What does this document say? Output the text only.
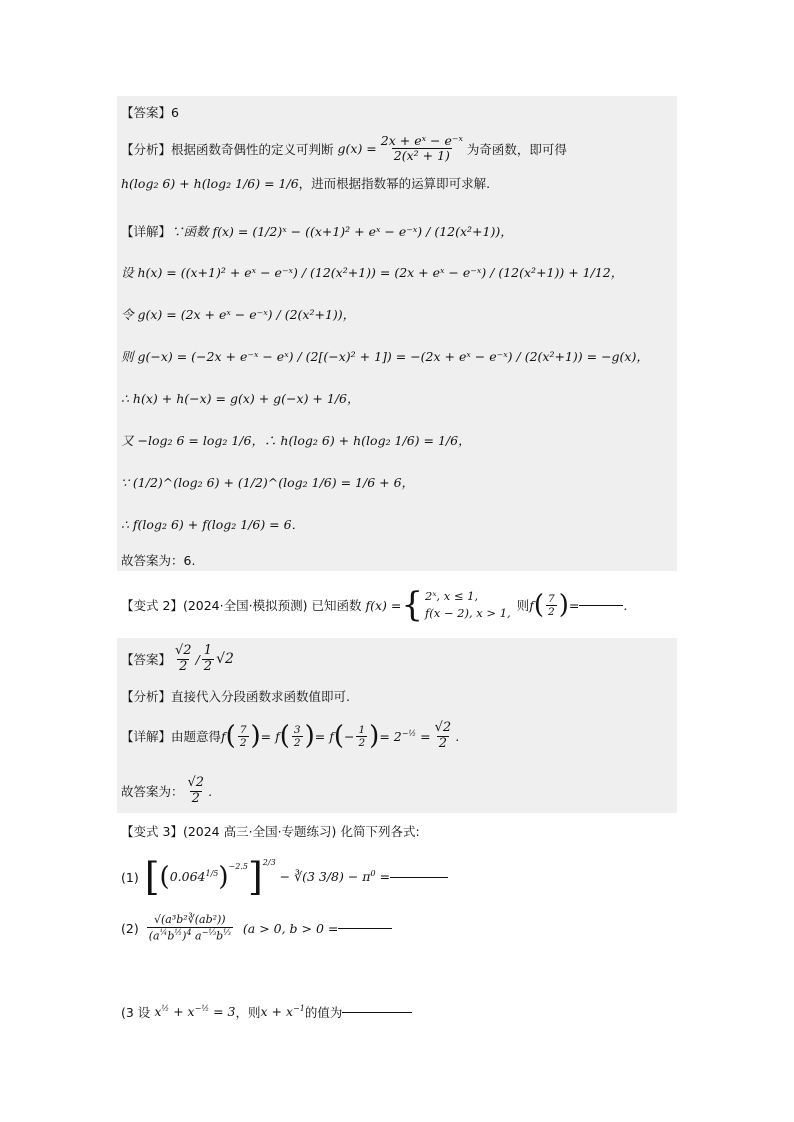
【答案】 6
【分析】 根据函数奇偶性的定义可判断 $g(x) = \frac{\text{2x + eˣ − e⁻ˣ}}{\text{2(x² + 1)}}$ 为奇函数，即可得
h(log₂ 6) + h(log₂ 1/6) = 1/6 ，进而根据指数幂的运算即可求解.
【详解】 ∵函数 f(x) = (1/2)ˣ − ((x+1)² + eˣ − e⁻ˣ) / (12(x²+1))，
设 h(x) = ((x+1)² + eˣ − e⁻ˣ) / (12(x²+1)) = (2x + eˣ − e⁻ˣ) / (12(x²+1)) + 1/12，
令 g(x) = (2x + eˣ − e⁻ˣ) / (2(x²+1))，
则 g(−x) = (−2x + e⁻ˣ − eˣ) / (2[(−x)² + 1]) = −(2x + eˣ − e⁻ˣ) / (2(x²+1)) = −g(x)，
∴ h(x) + h(−x) = g(x) + g(−x) + 1/6，
又 −log₂ 6 = log₂ 1/6，∴ h(log₂ 6) + h(log₂ 1/6) = 1/6，
∵ (1/2)^(log₂ 6) + (1/2)^(log₂ 1/6) = 1/6 + 6，
∴ f(log₂ 6) + f(log₂ 1/6) = 6．
故答案为：6.
【变式 2】 (2024·全国·模拟预测) 已知函数 f(x) = { 2ˣ, x ≤ 1,
f(x − 2), x > 1, 则 f ( $\frac{7}{2}$ ) =	.
【答案】 $\frac{√2}{2} / \frac{1}{2} √2$
【分析】 直接代入分段函数求函数值即可.
【详解】 由题意得 f ( $\frac{7}{2}$ ) = f ( $\frac{3}{2}$ ) = f ( − $\frac{1}{2}$ ) = $2^{-\frac{1}{2}} = \frac{√2}{2}$ .
故答案为： $\frac{√2}{2}$ .
【变式 3】 (2024 高三·全国·专题练习) 化简下列各式:
(1) [ ( $0.064^{1/5}$ ) −2.5 ] 2/3
− ∛(3 $3/8) - \pi^0$ =
$(2) \frac{\text{√(a³b²∛(ab²))}}{(a^{\frac{1}{4}}b^{\frac{1}{2}})^4 a^{-\frac{1}{3}}b^{\frac{1}{3}}} (a > 0$, b > 0 =
(3 设 $x^{\frac{1}{2}} + x^{-\frac{1}{2}} = 3$ ，则 $x + x^{-1}$ 的值为
